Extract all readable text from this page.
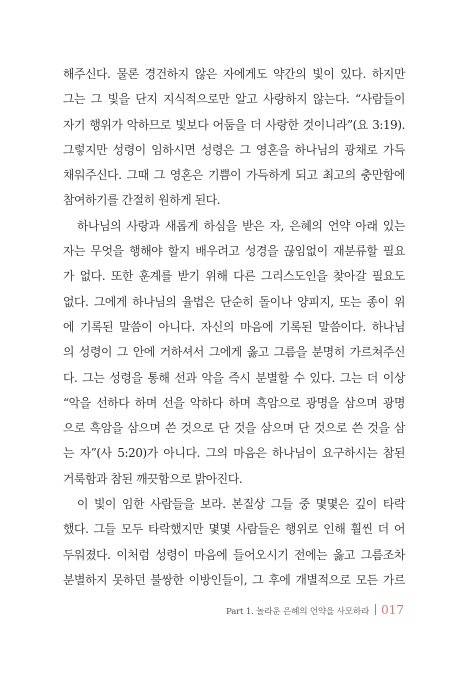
해주신다. 물론 경건하지 않은 자에게도 약간의 빛이 있다. 하지만
그는 그 빛을 단지 지식적으로만 알고 사랑하지 않는다. “사람들이
자기 행위가 악하므로 빛보다 어둠을 더 사랑한 것이니라”(요 3:19).
그렇지만 성령이 임하시면 성령은 그 영혼을 하나님의 광채로 가득
채워주신다. 그때 그 영혼은 기쁨이 가득하게 되고 최고의 충만함에
참여하기를 간절히 원하게 된다.
하나님의 사랑과 새롭게 하심을 받은 자, 은혜의 언약 아래 있는
자는 무엇을 행해야 할지 배우려고 성경을 끊임없이 재분류할 필요
가 없다. 또한 훈계를 받기 위해 다른 그리스도인을 찾아갈 필요도
없다. 그에게 하나님의 율법은 단순히 돌이나 양피지, 또는 종이 위
에 기록된 말씀이 아니다. 자신의 마음에 기록된 말씀이다. 하나님
의 성령이 그 안에 거하셔서 그에게 옳고 그름을 분명히 가르쳐주신
다. 그는 성령을 통해 선과 악을 즉시 분별할 수 있다. 그는 더 이상
“악을 선하다 하며 선을 악하다 하며 흑암으로 광명을 삼으며 광명
으로 흑암을 삼으며 쓴 것으로 단 것을 삼으며 단 것으로 쓴 것을 삼
는 자”(사 5:20)가 아니다. 그의 마음은 하나님이 요구하시는 참된
거룩함과 참된 깨끗함으로 밝아진다.
이 빛이 임한 사람들을 보라. 본질상 그들 중 몇몇은 깊이 타락
했다. 그들 모두 타락했지만 몇몇 사람들은 행위로 인해 훨씬 더 어
두워졌다. 이처럼 성령이 마음에 들어오시기 전에는 옳고 그름조차
분별하지 못하던 불쌍한 이방인들이, 그 후에 개별적으로 모든 가르
Part 1. 놀라운 은혜의 언약을 사모하라 017
